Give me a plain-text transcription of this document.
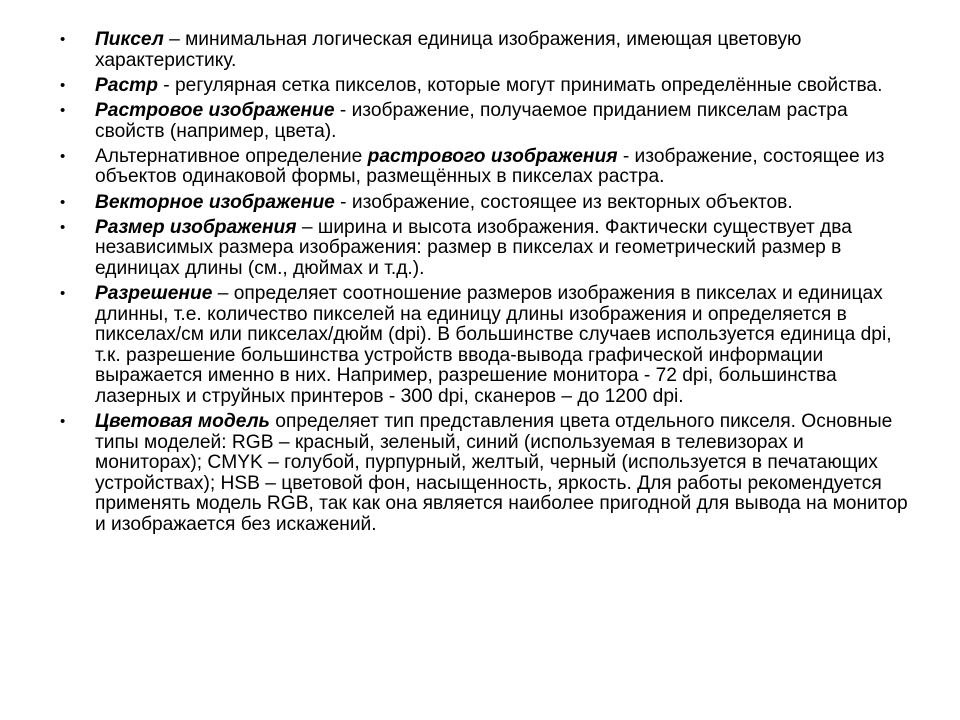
• Пиксел – минимальная логическая единица изображения, имеющая цветовую характеристику.
• Растр - регулярная сетка пикселов, которые могут принимать определённые свойства.
• Растровое изображение - изображение, получаемое приданием пикселам растра свойств (например, цвета).
• Альтернативное определение растрового изображения - изображение, состоящее из объектов одинаковой формы, размещённых в пикселах растра.
• Векторное изображение - изображение, состоящее из векторных объектов.
• Размер изображения – ширина и высота изображения. Фактически существует два независимых размера изображения: размер в пикселах и геометрический размер в единицах длины (см., дюймах и т.д.).
• Разрешение – определяет соотношение размеров изображения в пикселах и единицах длинны, т.е. количество пикселей на единицу длины изображения и определяется в пикселах/см или пикселах/дюйм (dpi). В большинстве случаев используется единица dpi, т.к. разрешение большинства устройств ввода-вывода графической информации выражается именно в них. Например, разрешение монитора - 72 dpi, большинства лазерных и струйных принтеров - 300 dpi, сканеров – до 1200 dpi.
• Цветовая модель определяет тип представления цвета отдельного пикселя. Основные типы моделей: RGB – красный, зеленый, синий (используемая в телевизорах и мониторах); CMYK – голубой, пурпурный, желтый, черный (используется в печатающих устройствах); HSB – цветовой фон, насыщенность, яркость. Для работы рекомендуется применять модель RGB, так как она является наиболее пригодной для вывода на монитор и изображается без искажений.
